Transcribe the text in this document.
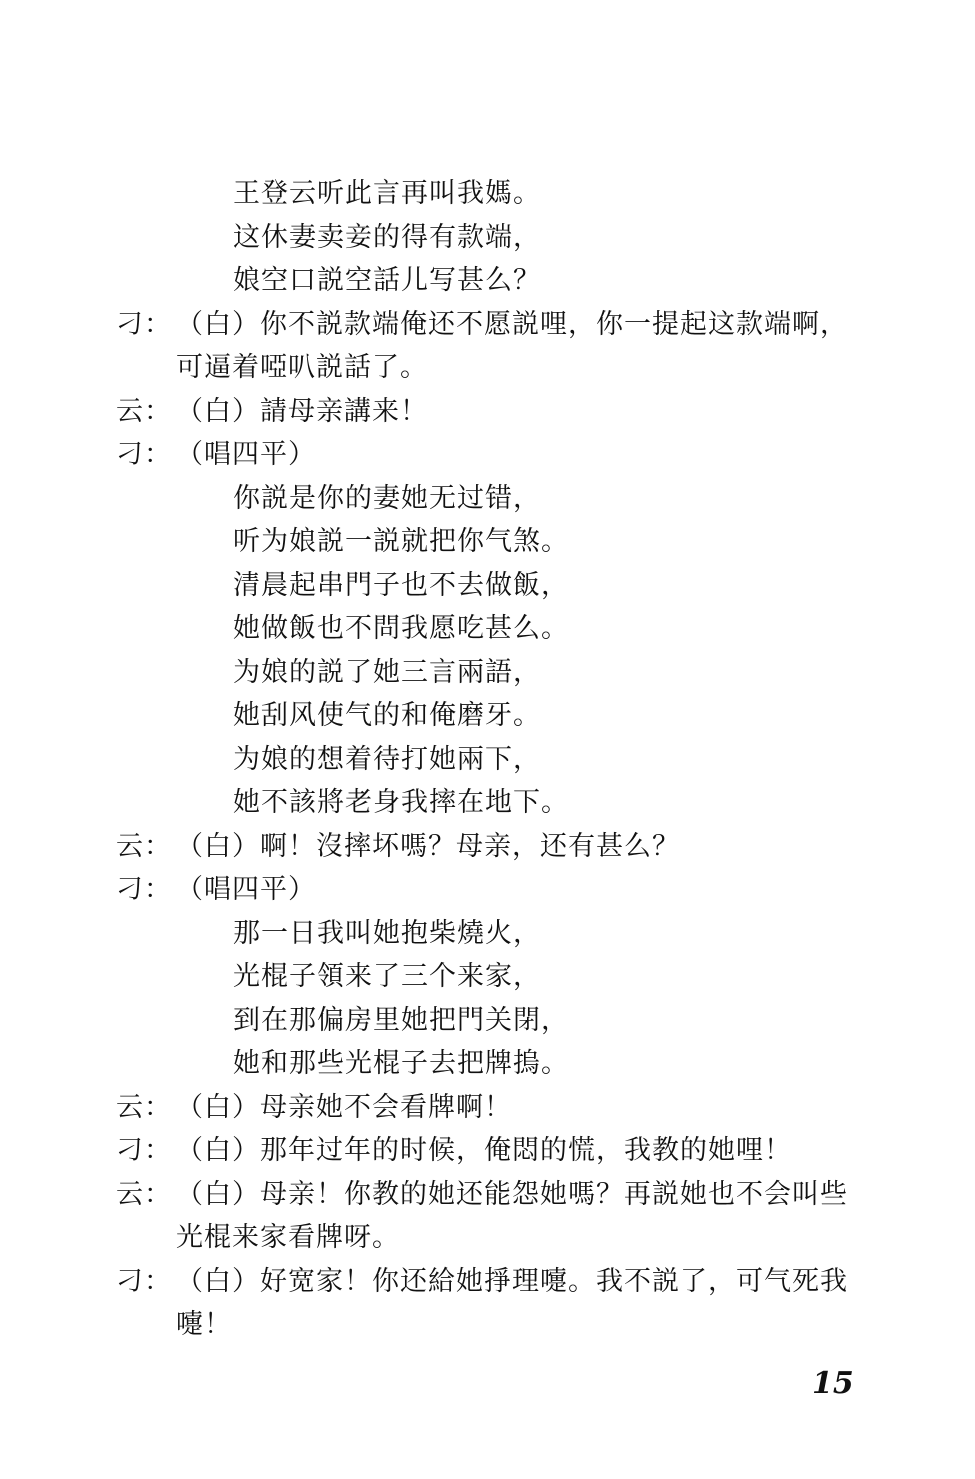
王登云听此言再叫我媽。
这休妻卖妾的得有款端，
娘空口説空話儿写甚么？
刁： （白）你不説款端俺还不愿説哩，你一提起这款端啊，
可逼着啞叭説話了。
云： （白）請母亲講来！
刁： （唱四平）
你説是你的妻她无过错，
听为娘説一説就把你气煞。
清晨起串門子也不去做飯，
她做飯也不問我愿吃甚么。
为娘的説了她三言兩語，
她刮风使气的和俺磨牙。
为娘的想着待打她兩下，
她不該將老身我摔在地下。
云： （白）啊！沒摔坏嗎？母亲，还有甚么？
刁： （唱四平）
那一日我叫她抱柴燒火，
光棍子領来了三个来家，
到在那偏房里她把門关閉，
她和那些光棍子去把牌摀。
云： （白）母亲她不会看牌啊！
刁： （白）那年过年的时候，俺悶的慌，我教的她哩！
云： （白）母亲！你教的她还能怨她嗎？再説她也不会叫些
光棍来家看牌呀。
刁： （白）好宽家！你还給她掙理嚏。我不説了，可气死我
嚏！
15
